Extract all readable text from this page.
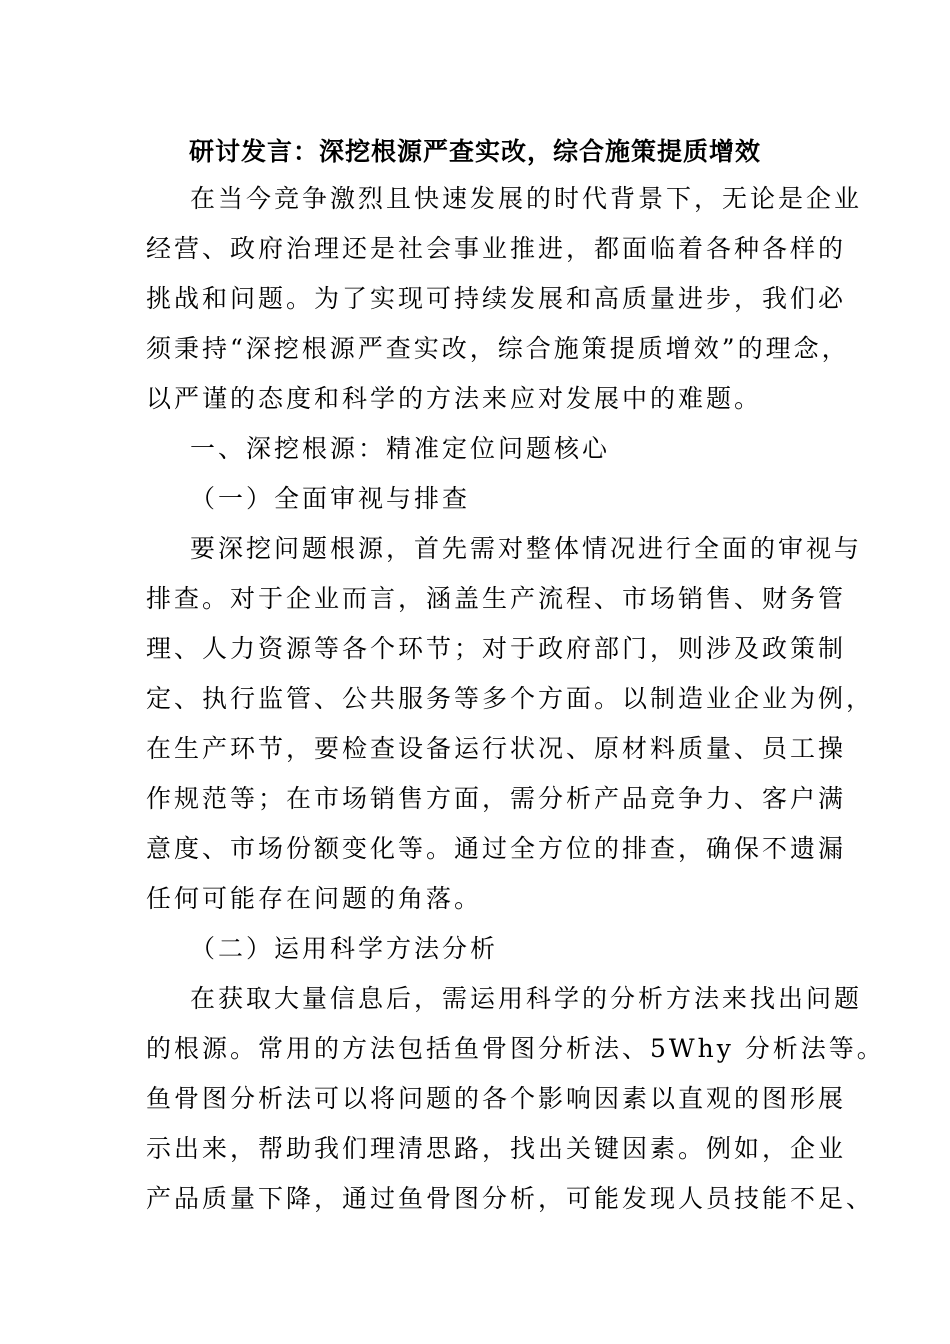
研讨发言：深挖根源严查实改，综合施策提质增效
在当今竞争激烈且快速发展的时代背景下，无论是企业
经营、政府治理还是社会事业推进，都面临着各种各样的
挑战和问题。为了实现可持续发展和高质量进步，我们必
须秉持“深挖根源严查实改，综合施策提质增效”的理念，
以严谨的态度和科学的方法来应对发展中的难题。
一、深挖根源：精准定位问题核心
（一）全面审视与排查
要深挖问题根源，首先需对整体情况进行全面的审视与
排查。对于企业而言，涵盖生产流程、市场销售、财务管
理、人力资源等各个环节；对于政府部门，则涉及政策制
定、执行监管、公共服务等多个方面。以制造业企业为例，
在生产环节，要检查设备运行状况、原材料质量、员工操
作规范等；在市场销售方面，需分析产品竞争力、客户满
意度、市场份额变化等。通过全方位的排查，确保不遗漏
任何可能存在问题的角落。
（二）运用科学方法分析
在获取大量信息后，需运用科学的分析方法来找出问题
的根源。常用的方法包括鱼骨图分析法、5Why 分析法等。
鱼骨图分析法可以将问题的各个影响因素以直观的图形展
示出来，帮助我们理清思路，找出关键因素。例如，企业
产品质量下降，通过鱼骨图分析，可能发现人员技能不足、
